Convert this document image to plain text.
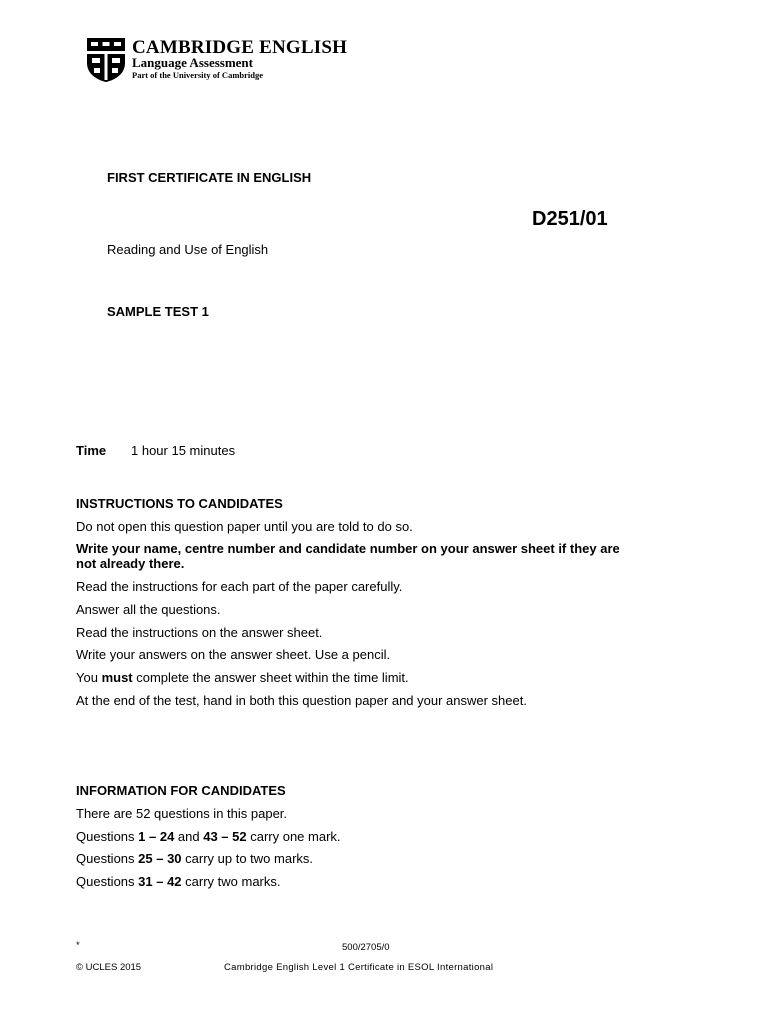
CAMBRIDGE ENGLISH
Language Assessment
Part of the University of Cambridge
FIRST CERTIFICATE IN ENGLISH
D251/01
Reading and Use of English
SAMPLE TEST 1
Time 1 hour 15 minutes
INSTRUCTIONS TO CANDIDATES
Do not open this question paper until you are told to do so.
Write your name, centre number and candidate number on your answer sheet if they are
not already there.
Read the instructions for each part of the paper carefully.
Answer all the questions.
Read the instructions on the answer sheet.
Write your answers on the answer sheet. Use a pencil.
You must complete the answer sheet within the time limit.
At the end of the test, hand in both this question paper and your answer sheet.
INFORMATION FOR CANDIDATES
There are 52 questions in this paper.
Questions 1 – 24 and 43 – 52 carry one mark.
Questions 25 – 30 carry up to two marks.
Questions 31 – 42 carry two marks.
*	500/2705/0
© UCLES 2015	Cambridge English Level 1 Certificate in ESOL International
